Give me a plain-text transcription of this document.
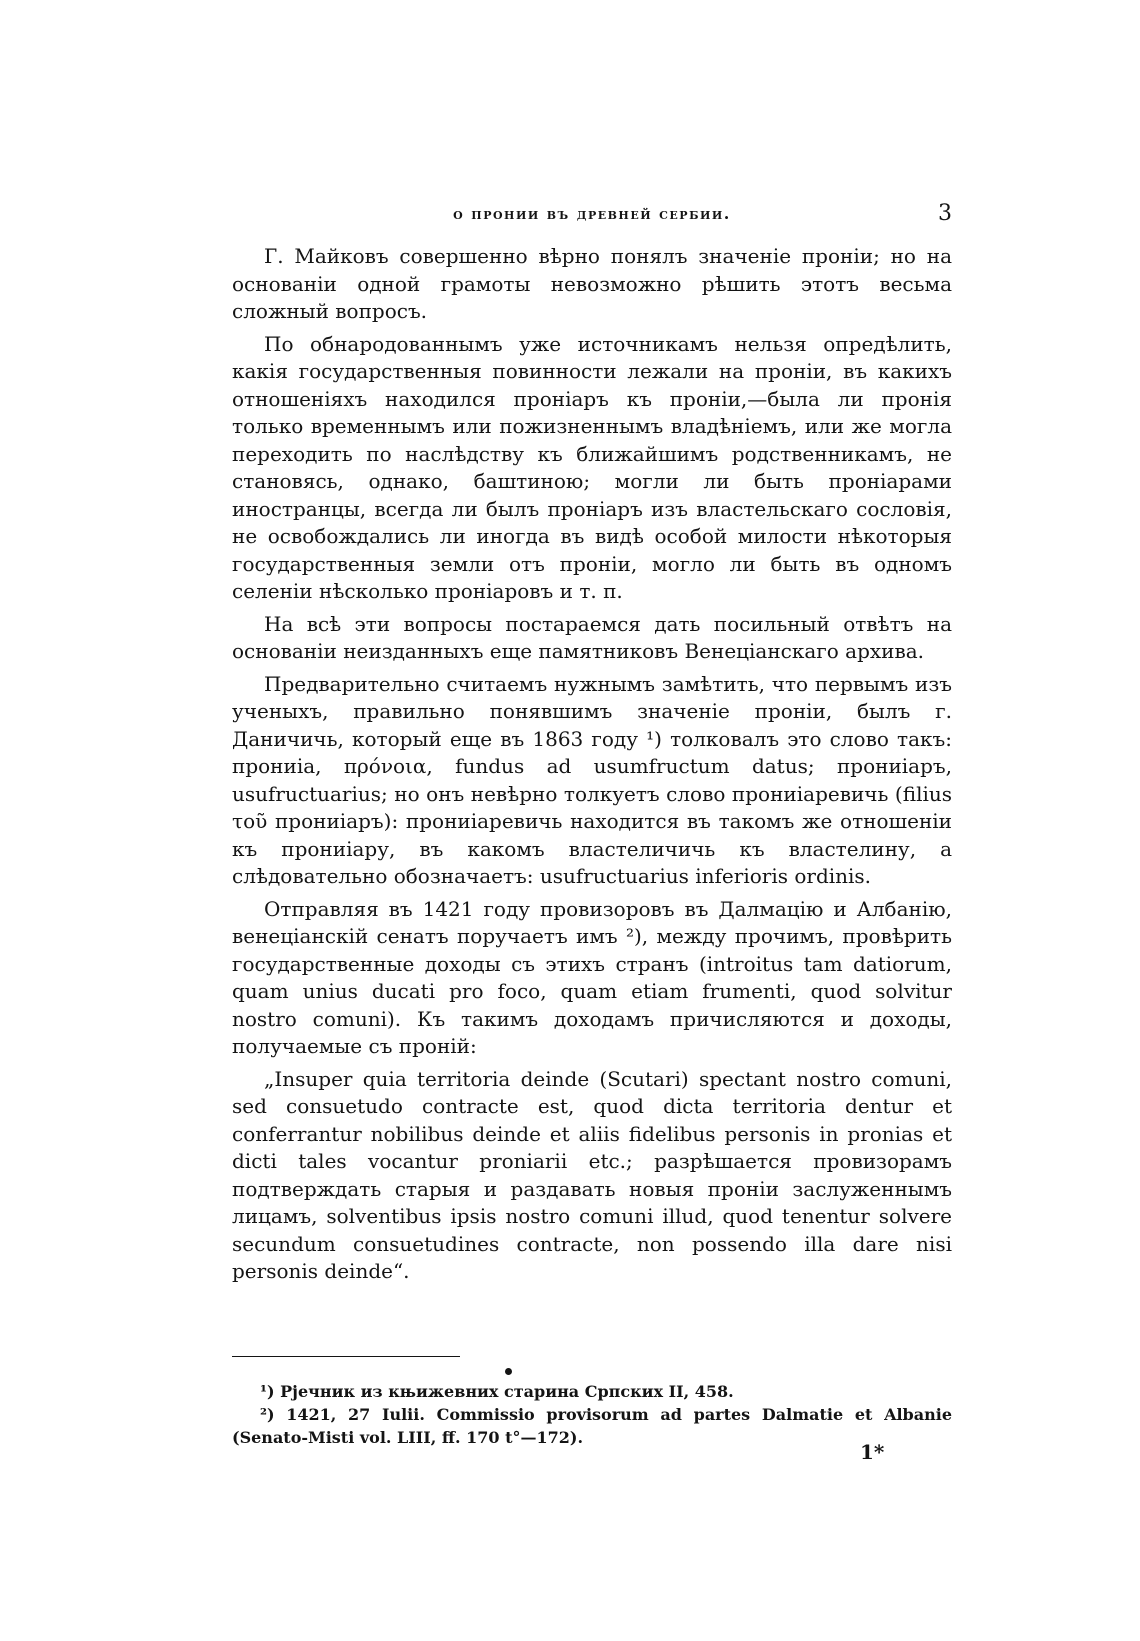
о пронии въ древней сербии.	3

Г. Майковъ совершенно вѣрно понялъ значенiе пронiи; но на основанiи одной грамоты невозможно рѣшить этотъ весьма сложный вопросъ.

По обнародованнымъ уже источникамъ нельзя опредѣлить, какiя государственныя повинности лежали на пронiи, въ какихъ отношенiяхъ находился пронiаръ къ пронiи,—была ли пронiя только временнымъ или пожизненнымъ владѣнiемъ, или же могла переходить по наслѣдству къ ближайшимъ родственникамъ, не становясь, однако, баштиною; могли ли быть пронiарами иностранцы, всегда ли былъ пронiаръ изъ властельскаго сословiя, не освобождались ли иногда въ видѣ особой милости нѣкоторыя государственныя земли отъ пронiи, могло ли быть въ одномъ селенiи нѣсколько пронiаровъ и т. п.

На всѣ эти вопросы постараемся дать посильный отвѣтъ на основанiи неизданныхъ еще памятниковъ Венецiанскаго архива.

Предварительно считаемъ нужнымъ замѣтить, что первымъ изъ ученыхъ, правильно понявшимъ значенiе пронiи, былъ г. Даничичь, который еще въ 1863 году ¹) толковалъ это слово такъ: прониiа, πρόνοια, fundus ad usumfructum datus; прониiаръ, usufructuarius; но онъ невѣрно толкуетъ слово прониiаревичь (filius τοῦ прониiаръ): прониiаревичь находится въ такомъ же отношенiи къ прониiару, въ какомъ властеличичь къ властелину, а слѣдовательно обозначаетъ: usufructuarius inferioris ordinis.

Отправляя въ 1421 году провизоровъ въ Далмацiю и Албанiю, венецiанскiй сенатъ поручаетъ имъ ²), между прочимъ, провѣрить государственные доходы съ этихъ странъ (introitus tam datiorum, quam unius ducati pro foco, quam etiam frumenti, quod solvitur nostro comuni). Къ такимъ доходамъ причисляются и доходы, получаемые съ пронiй:

„Insuper quia territoria deinde (Scutari) spectant nostro comuni, sed consuetudo contracte est, quod dicta territoria dentur et conferrantur nobilibus deinde et aliis fidelibus personis in pronias et dicti tales vocantur proniarii etc.; разрѣшается провизорамъ подтверждать старыя и раздавать новыя пронiи заслуженнымъ лицамъ, solventibus ipsis nostro comuni illud, quod tenentur solvere secundum consuetudines contracte, non possendo illa dare nisi personis deinde“.

¹) Рјечник из књижевних старина Српских II, 458.

²) 1421, 27 Iulii. Commissio provisorum ad partes Dalmatie et Albanie (Senato-Misti vol. LIII, ff. 170 t°—172).

1*
